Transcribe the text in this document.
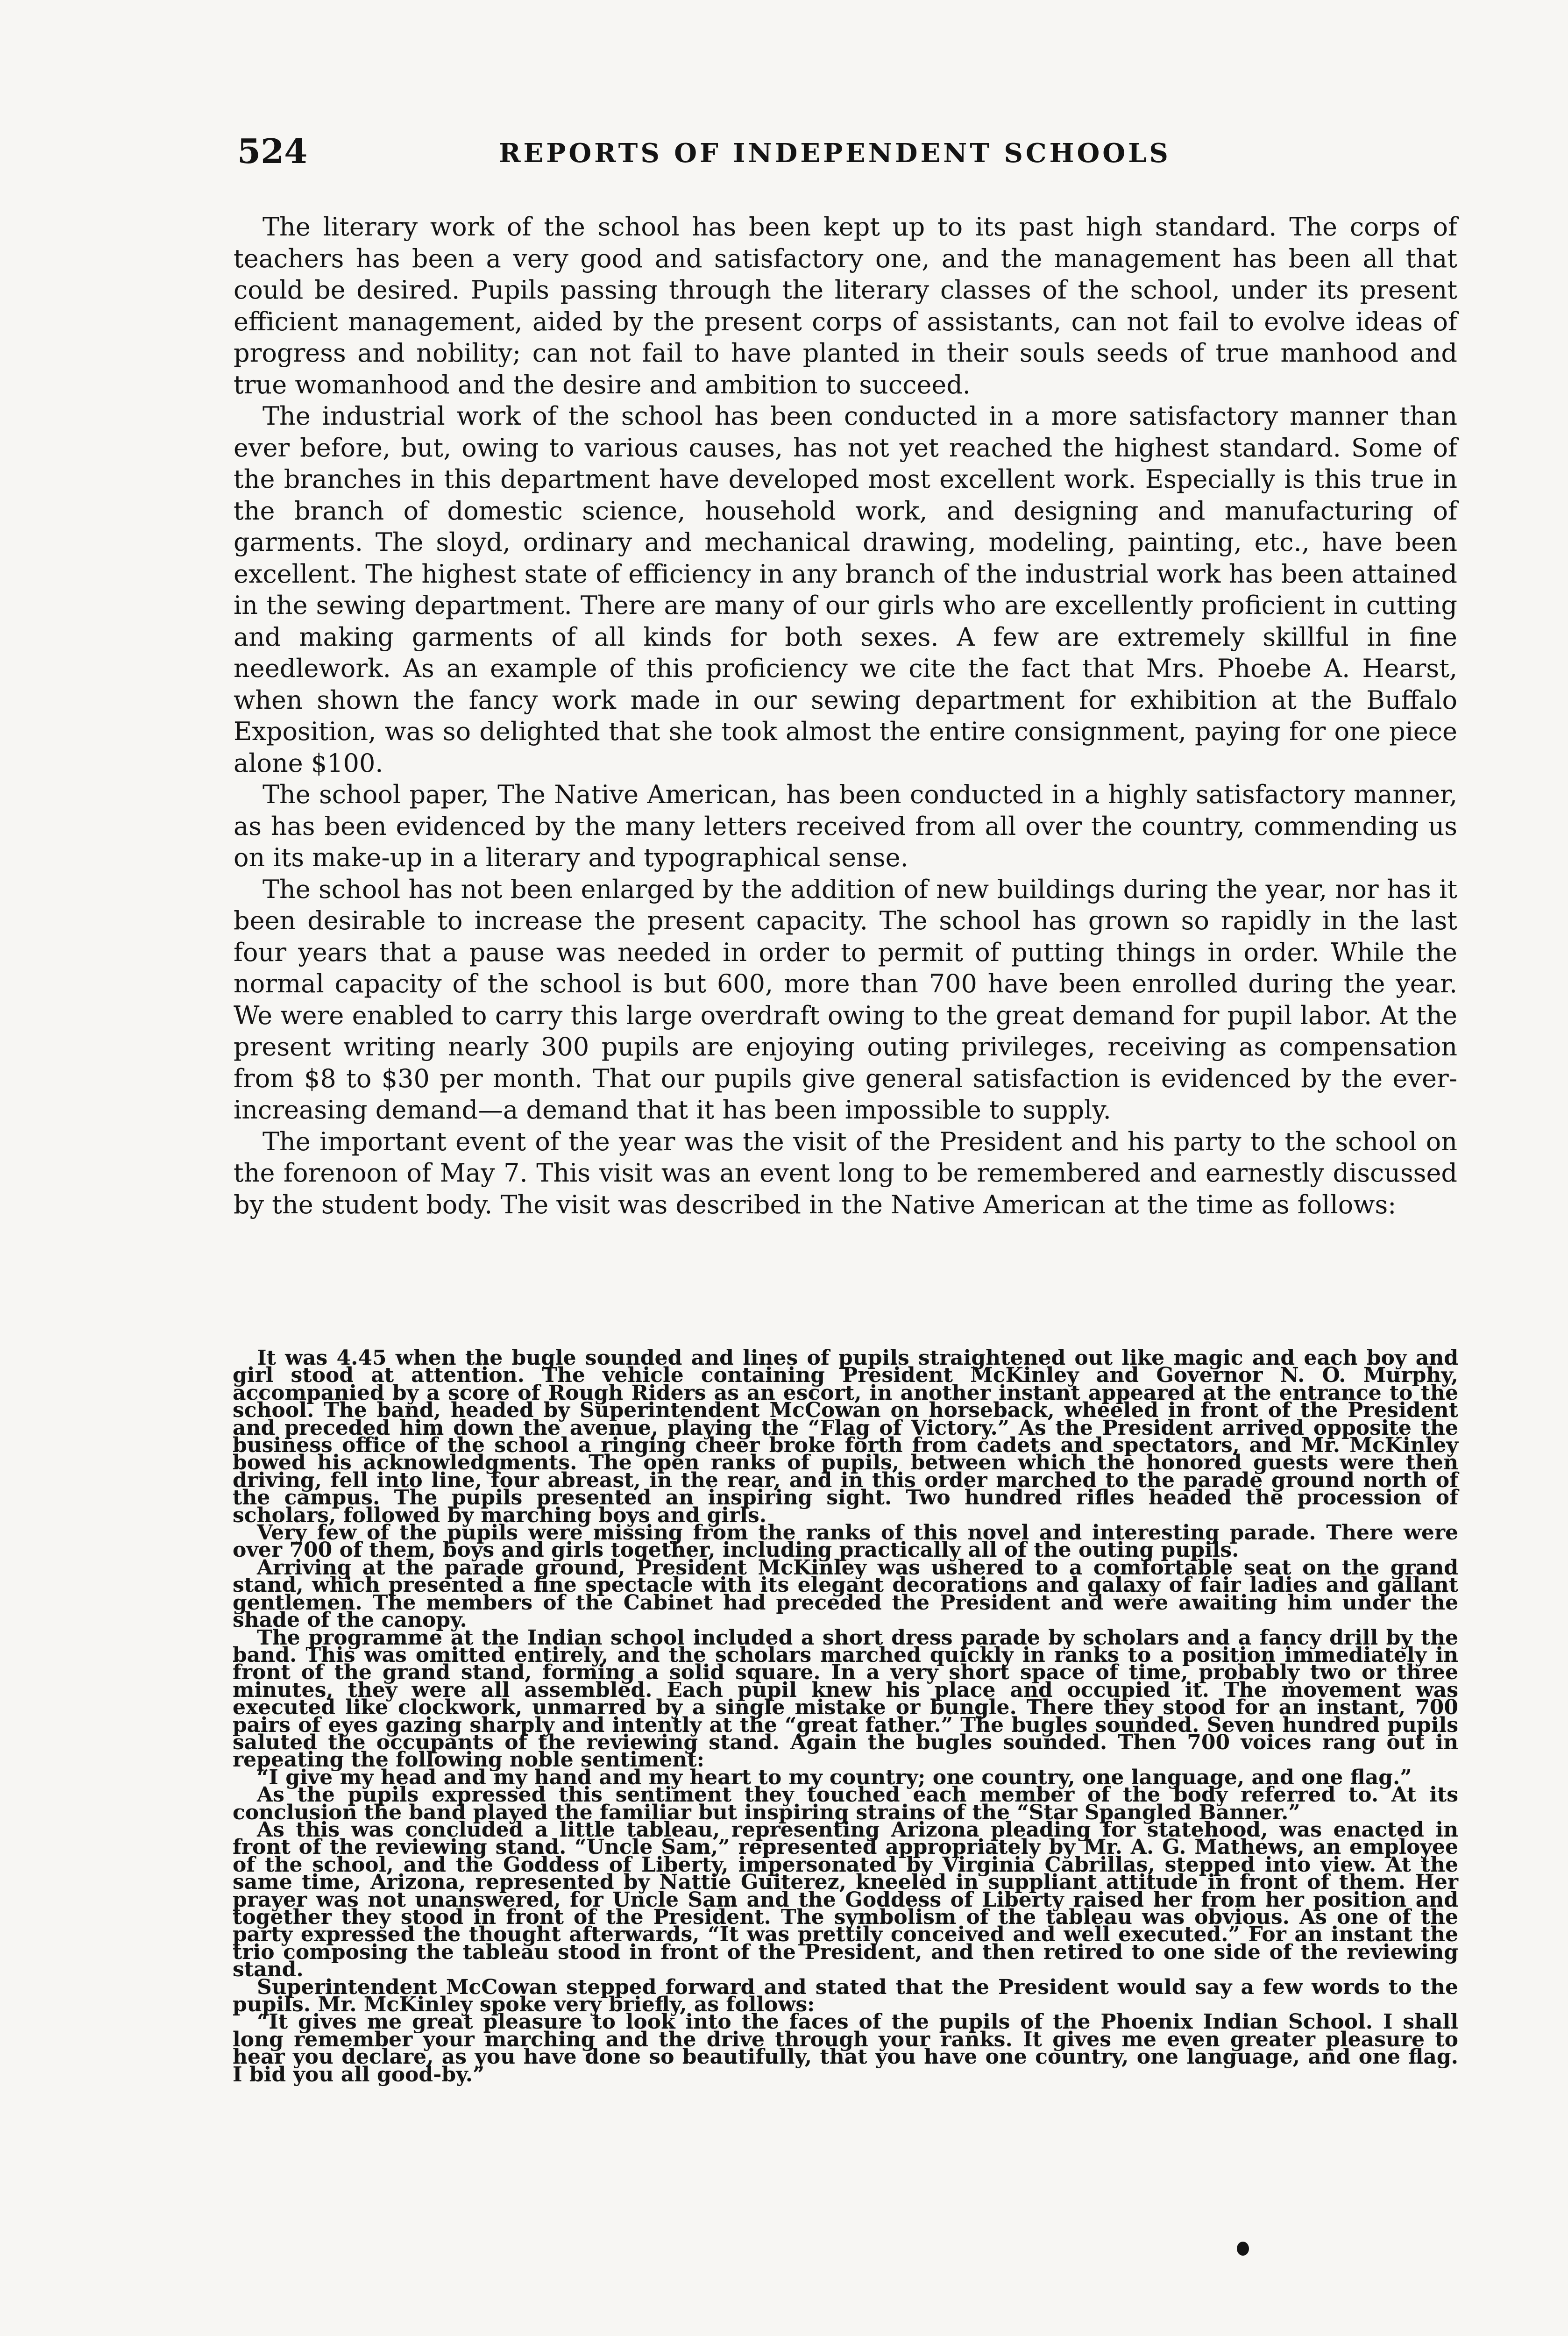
524	REPORTS OF INDEPENDENT SCHOOLS

The literary work of the school has been kept up to its past high standard. The corps of teachers has been a very good and satisfactory one, and the management has been all that could be desired. Pupils passing through the literary classes of the school, under its present efficient management, aided by the present corps of assistants, can not fail to evolve ideas of progress and nobility; can not fail to have planted in their souls seeds of true manhood and true womanhood and the desire and ambition to succeed.

The industrial work of the school has been conducted in a more satisfactory manner than ever before, but, owing to various causes, has not yet reached the highest standard. Some of the branches in this department have developed most excellent work. Especially is this true in the branch of domestic science, household work, and designing and manufacturing of garments. The sloyd, ordinary and mechanical drawing, modeling, painting, etc., have been excellent. The highest state of efficiency in any branch of the industrial work has been attained in the sewing department. There are many of our girls who are excellently proficient in cutting and making garments of all kinds for both sexes. A few are extremely skillful in fine needlework. As an example of this proficiency we cite the fact that Mrs. Phoebe A. Hearst, when shown the fancy work made in our sewing department for exhibition at the Buffalo Exposition, was so delighted that she took almost the entire consignment, paying for one piece alone $100.

The school paper, The Native American, has been conducted in a highly satisfactory manner, as has been evidenced by the many letters received from all over the country, commending us on its make-up in a literary and typographical sense.

The school has not been enlarged by the addition of new buildings during the year, nor has it been desirable to increase the present capacity. The school has grown so rapidly in the last four years that a pause was needed in order to permit of putting things in order. While the normal capacity of the school is but 600, more than 700 have been enrolled during the year. We were enabled to carry this large overdraft owing to the great demand for pupil labor. At the present writing nearly 300 pupils are enjoying outing privileges, receiving as compensation from $8 to $30 per month. That our pupils give general satisfaction is evidenced by the ever-increasing demand—a demand that it has been impossible to supply.

The important event of the year was the visit of the President and his party to the school on the forenoon of May 7. This visit was an event long to be remembered and earnestly discussed by the student body. The visit was described in the Native American at the time as follows:

It was 4.45 when the bugle sounded and lines of pupils straightened out like magic and each boy and girl stood at attention. The vehicle containing President McKinley and Governor N. O. Murphy, accompanied by a score of Rough Riders as an escort, in another instant appeared at the entrance to the school. The band, headed by Superintendent McCowan on horseback, wheeled in front of the President and preceded him down the avenue, playing the “Flag of Victory.” As the President arrived opposite the business office of the school a ringing cheer broke forth from cadets and spectators, and Mr. McKinley bowed his acknowledgments. The open ranks of pupils, between which the honored guests were then driving, fell into line, four abreast, in the rear, and in this order marched to the parade ground north of the campus. The pupils presented an inspiring sight. Two hundred rifles headed the procession of scholars, followed by marching boys and girls.

Very few of the pupils were missing from the ranks of this novel and interesting parade. There were over 700 of them, boys and girls together, including practically all of the outing pupils.

Arriving at the parade ground, President McKinley was ushered to a comfortable seat on the grand stand, which presented a fine spectacle with its elegant decorations and galaxy of fair ladies and gallant gentlemen. The members of the Cabinet had preceded the President and were awaiting him under the shade of the canopy.

The programme at the Indian school included a short dress parade by scholars and a fancy drill by the band. This was omitted entirely, and the scholars marched quickly in ranks to a position immediately in front of the grand stand, forming a solid square. In a very short space of time, probably two or three minutes, they were all assembled. Each pupil knew his place and occupied it. The movement was executed like clockwork, unmarred by a single mistake or bungle. There they stood for an instant, 700 pairs of eyes gazing sharply and intently at the “great father.” The bugles sounded. Seven hundred pupils saluted the occupants of the reviewing stand. Again the bugles sounded. Then 700 voices rang out in repeating the following noble sentiment:

“I give my head and my hand and my heart to my country; one country, one language, and one flag.”

As the pupils expressed this sentiment they touched each member of the body referred to. At its conclusion the band played the familiar but inspiring strains of the “Star Spangled Banner.”

As this was concluded a little tableau, representing Arizona pleading for statehood, was enacted in front of the reviewing stand. “Uncle Sam,” represented appropriately by Mr. A. G. Mathews, an employee of the school, and the Goddess of Liberty, impersonated by Virginia Cabrillas, stepped into view. At the same time, Arizona, represented by Nattie Guiterez, kneeled in suppliant attitude in front of them. Her prayer was not unanswered, for Uncle Sam and the Goddess of Liberty raised her from her position and together they stood in front of the President. The symbolism of the tableau was obvious. As one of the party expressed the thought afterwards, “It was prettily conceived and well executed.” For an instant the trio composing the tableau stood in front of the President, and then retired to one side of the reviewing stand.

Superintendent McCowan stepped forward and stated that the President would say a few words to the pupils. Mr. McKinley spoke very briefly, as follows:

“It gives me great pleasure to look into the faces of the pupils of the Phoenix Indian School. I shall long remember your marching and the drive through your ranks. It gives me even greater pleasure to hear you declare, as you have done so beautifully, that you have one country, one language, and one flag. I bid you all good-by.”
